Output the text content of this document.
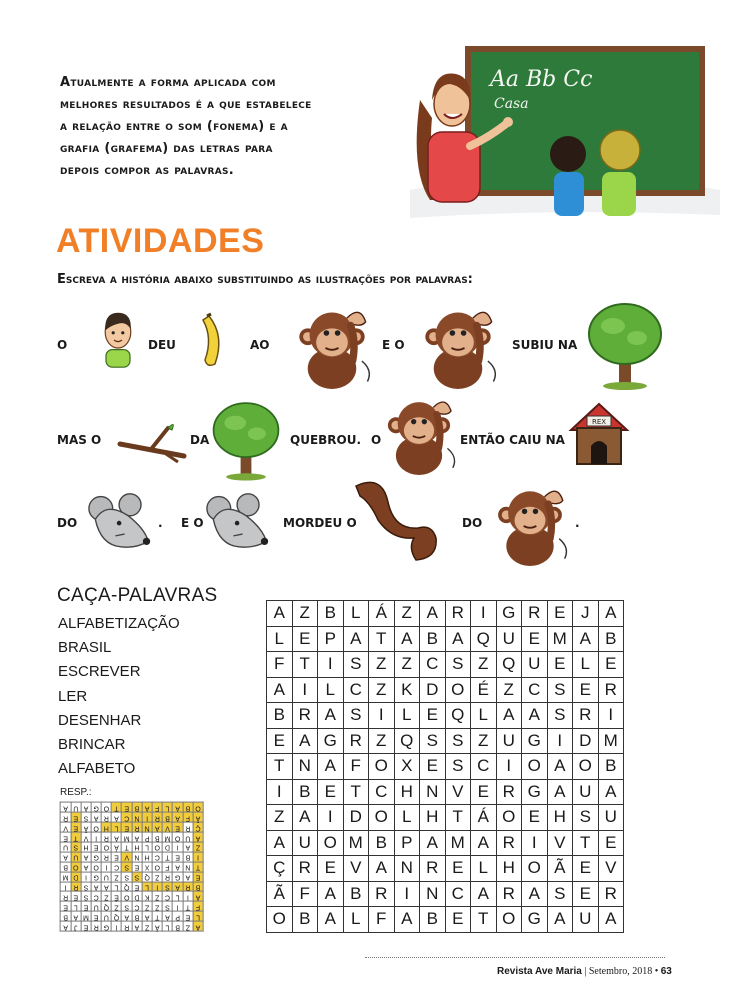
Atualmente a forma aplicada com
melhores resultados é a que estabelece
a relação entre o som (fonema) e a
grafia (grafema) das letras para
depois compor as palavras.
Aa Bb Cc
Casa
ATIVIDADES
Escreva a história abaixo substituindo as ilustrações por palavras:
O	DEU	AO	E O	SUBIU NA
MAS O	DA	QUEBROU. O	ENTÃO CAIU NA
REX
DO	. E O	MORDEU O	DO	.
CAÇA-PALAVRAS
ALFABETIZAÇÃO
BRASIL
ESCREVER
LER
DESENHAR
BRINCAR
ALFABETO
RESP.:
A	Z	B	L	Á	Z	A	R	I	G	R	E	J	A
L	E	P	A	T	A	B	A	Q	U	E	M	A	B
F	T	I	S	Z	Z	C	S	Z	Q	U	E	L	E
A	I	L	C	Z	K	D	O	É	Z	C	S	E	R
B	R	A	S	I	L	E	Q	L	A	A	S	R	I
E	A	G	R	Z	Q	S	S	Z	U	G	I	D	M
T	N	A	F	O	X	E	S	C	I	O	A	O	B
I	B	E	T	C	H	N	V	E	R	G	A	U	A
Z	A	I	D	O	L	H	T	Á	O	E	H	S	U
A	U	O	M	B	P	A	M	A	R	I	V	T	E
Ç	R	E	V	A	N	R	E	L	H	O	Ã	E	V
Ã	F	A	B	R	I	N	C	A	R	A	S	E	R
O	B	A	L	F	A	B	E	T	O	G	A	U	A
A	Z	B	L	Á	Z	A	R	I	G	R	E	J	A
L	E	P	A	T	A	B	A	Q	U	E	M	A	B
F	T	I	S	Z	Z	C	S	Z	Q	U	E	L	E
A	I	L	C	Z	K	D	O	É	Z	C	S	E	R
B	R	A	S	I	L	E	Q	L	A	A	S	R	I
E	A	G	R	Z	Q	S	S	Z	U	G	I	D	M
T	N	A	F	O	X	E	S	C	I	O	A	O	B
I	B	E	T	C	H	N	V	E	R	G	A	U	A
Z	A	I	D	O	L	H	T	Á	O	E	H	S	U
A	U	O	M	B	P	A	M	A	R	I	V	T	E
Ç	R	E	V	A	N	R	E	L	H	O	Ã	E	V
Ã	F	A	B	R	I	N	C	A	R	A	S	E	R
O	B	A	L	F	A	B	E	T	O	G	A	U	A
Revista Ave Maria | Setembro, 2018 • 63
